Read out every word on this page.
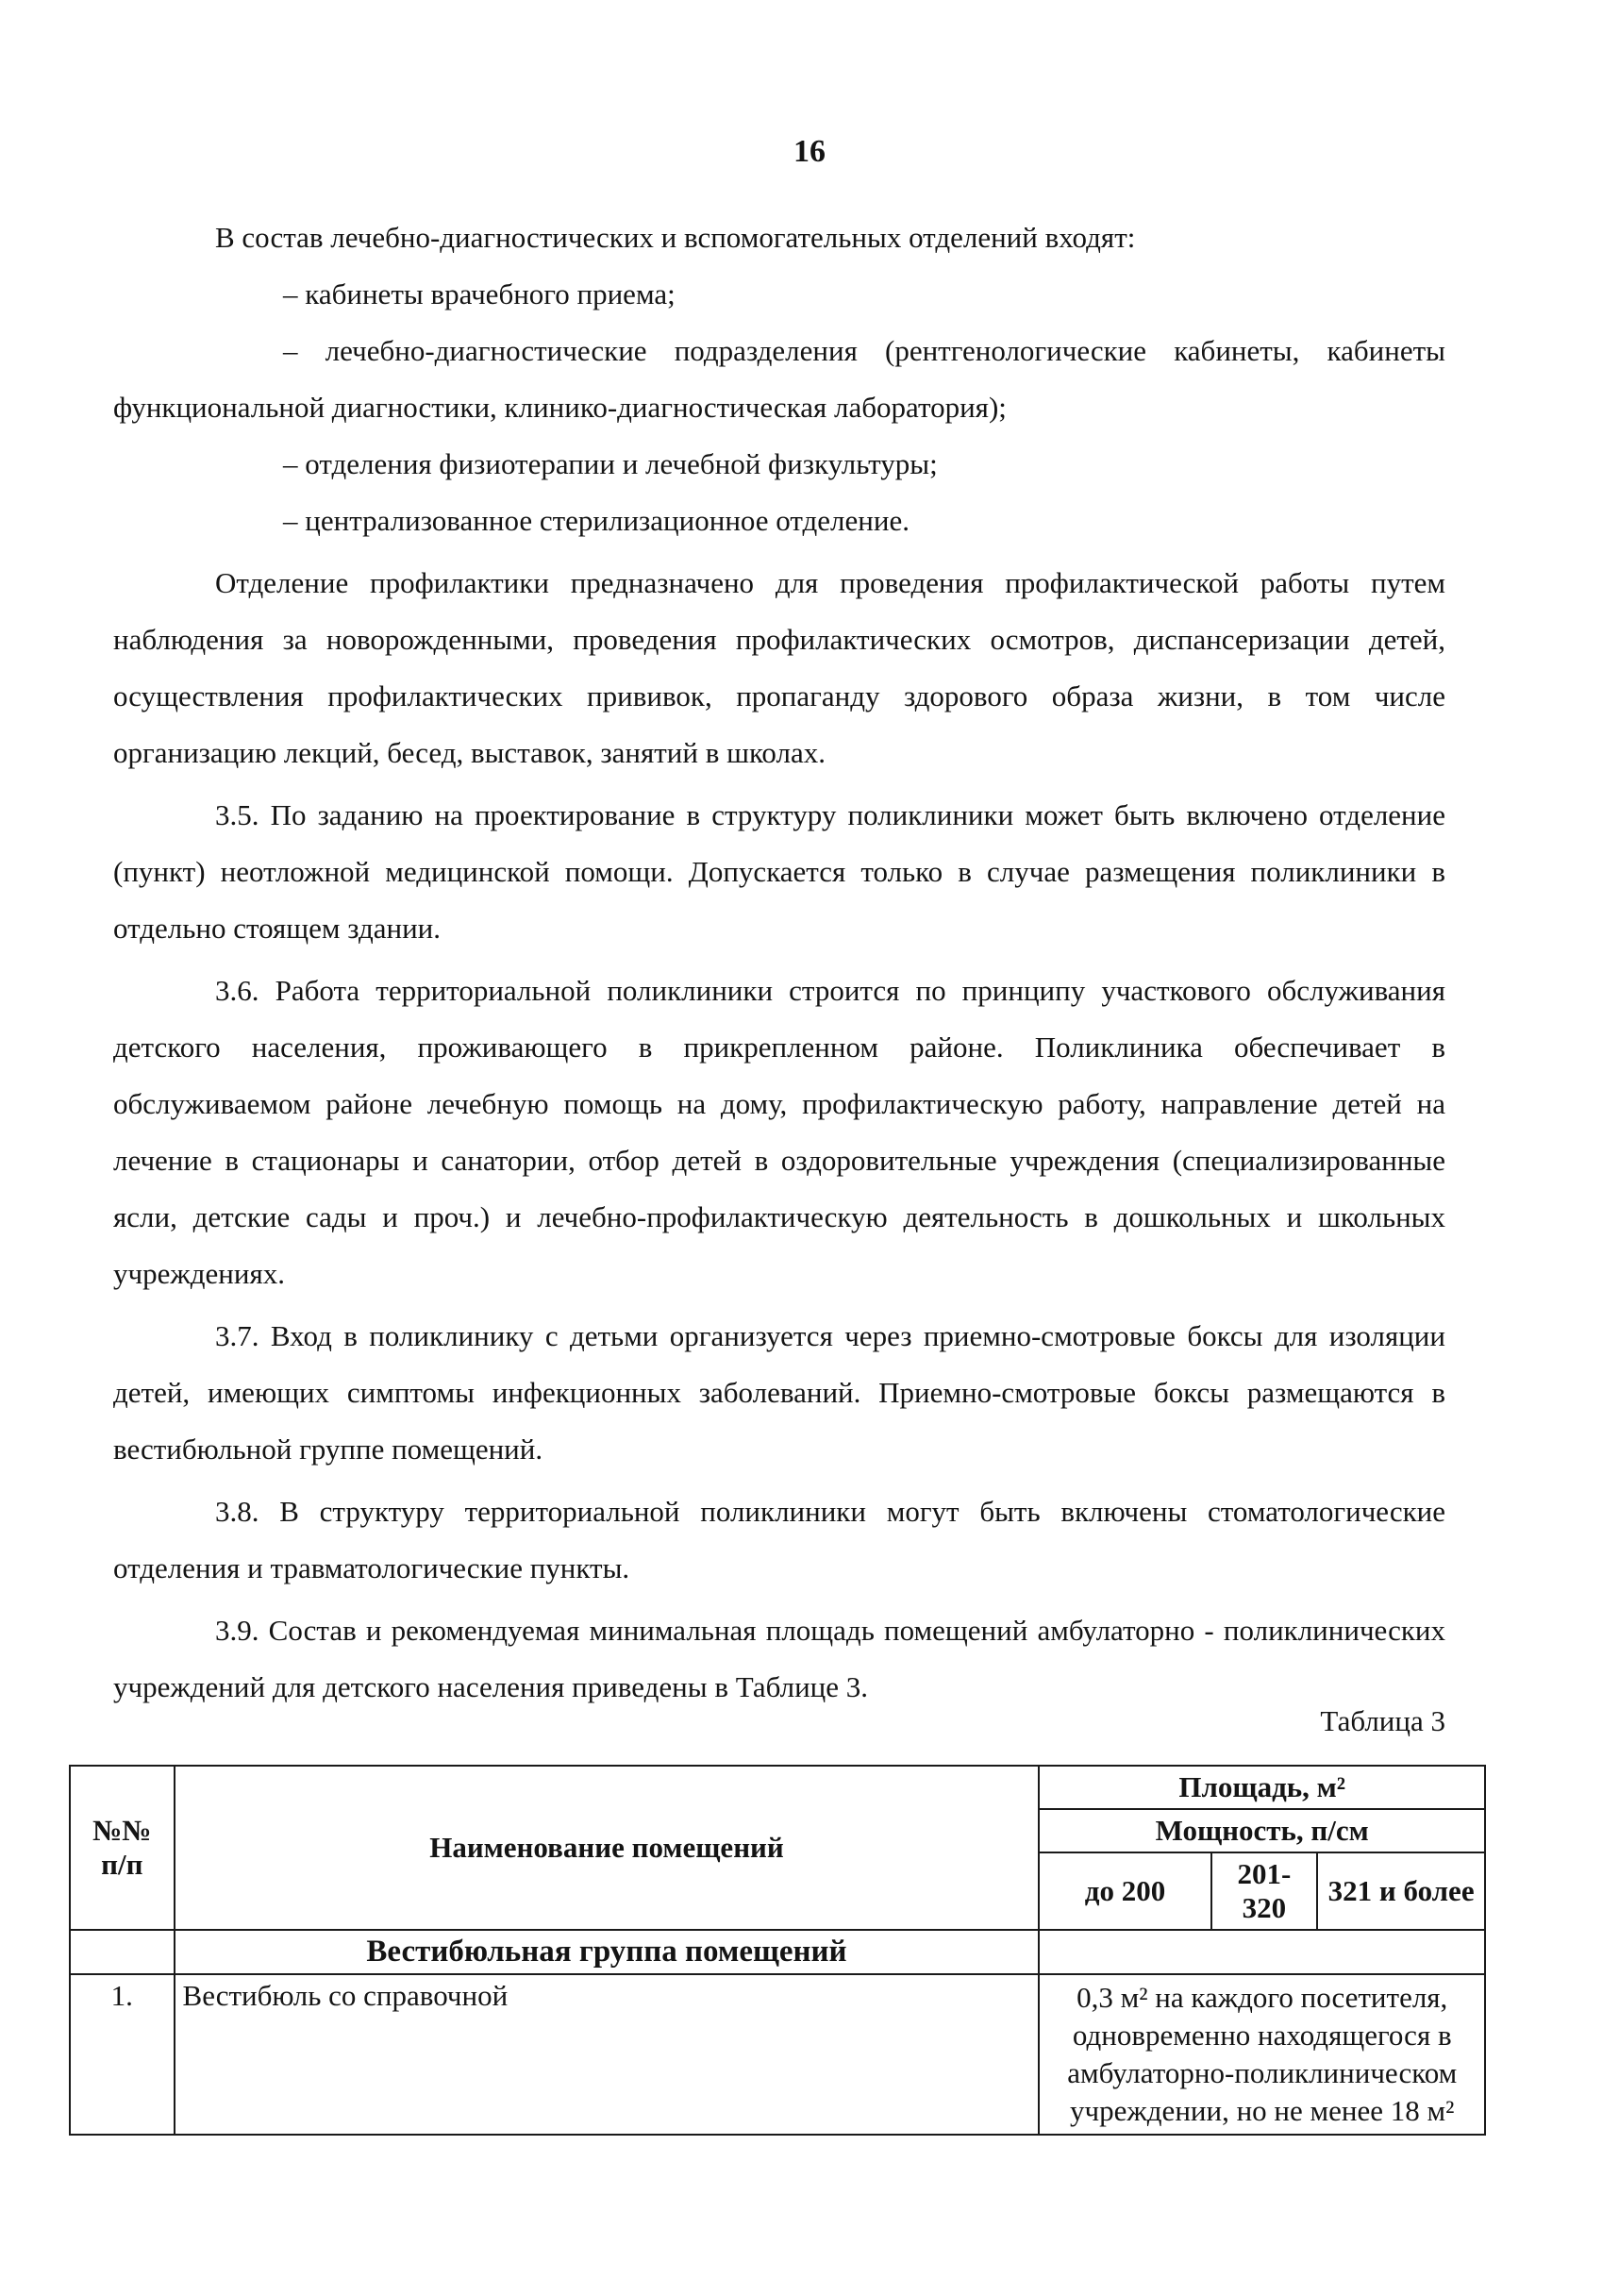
16

В состав лечебно-диагностических и вспомогательных отделений входят:

– кабинеты врачебного приема;

– лечебно-диагностические подразделения (рентгенологические кабинеты, кабинеты функциональной диагностики, клинико-диагностическая лаборатория);

– отделения физиотерапии и лечебной физкультуры;

– централизованное стерилизационное отделение.

Отделение профилактики предназначено для проведения профилактической работы путем наблюдения за новорожденными, проведения профилактических осмотров, диспансеризации детей, осуществления профилактических прививок, пропаганду здорового образа жизни, в том числе организацию лекций, бесед, выставок, занятий в школах.

3.5. По заданию на проектирование в структуру поликлиники может быть включено отделение (пункт) неотложной медицинской помощи. Допускается только в случае размещения поликлиники в отдельно стоящем здании.

3.6. Работа территориальной поликлиники строится по принципу участкового обслуживания детского населения, проживающего в прикрепленном районе. Поликлиника обеспечивает в обслуживаемом районе лечебную помощь на дому, профилактическую работу, направление детей на лечение в стационары и санатории, отбор детей в оздоровительные учреждения (специализированные ясли, детские сады и проч.) и лечебно-профилактическую деятельность в дошкольных и школьных учреждениях.

3.7. Вход в поликлинику с детьми организуется через приемно-смотровые боксы для изоляции детей, имеющих симптомы инфекционных заболеваний. Приемно-смотровые боксы размещаются в вестибюльной группе помещений.

3.8. В структуру территориальной поликлиники могут быть включены стоматологические отделения и травматологические пункты.

3.9. Состав и рекомендуемая минимальная площадь помещений амбулаторно - поликлинических учреждений для детского населения приведены в Таблице 3.

Таблица 3
№№ п/п	Наименование помещений	Площадь, м²		
		Мощность, п/см		
		до 200	201-320	321 и более
	Вестибюльная группа помещений			
1.	Вестибюль со справочной	0,3 м² на каждого посетителя, одновременно находящегося в амбулаторно-поликлиническом учреждении, но не менее 18 м²		
